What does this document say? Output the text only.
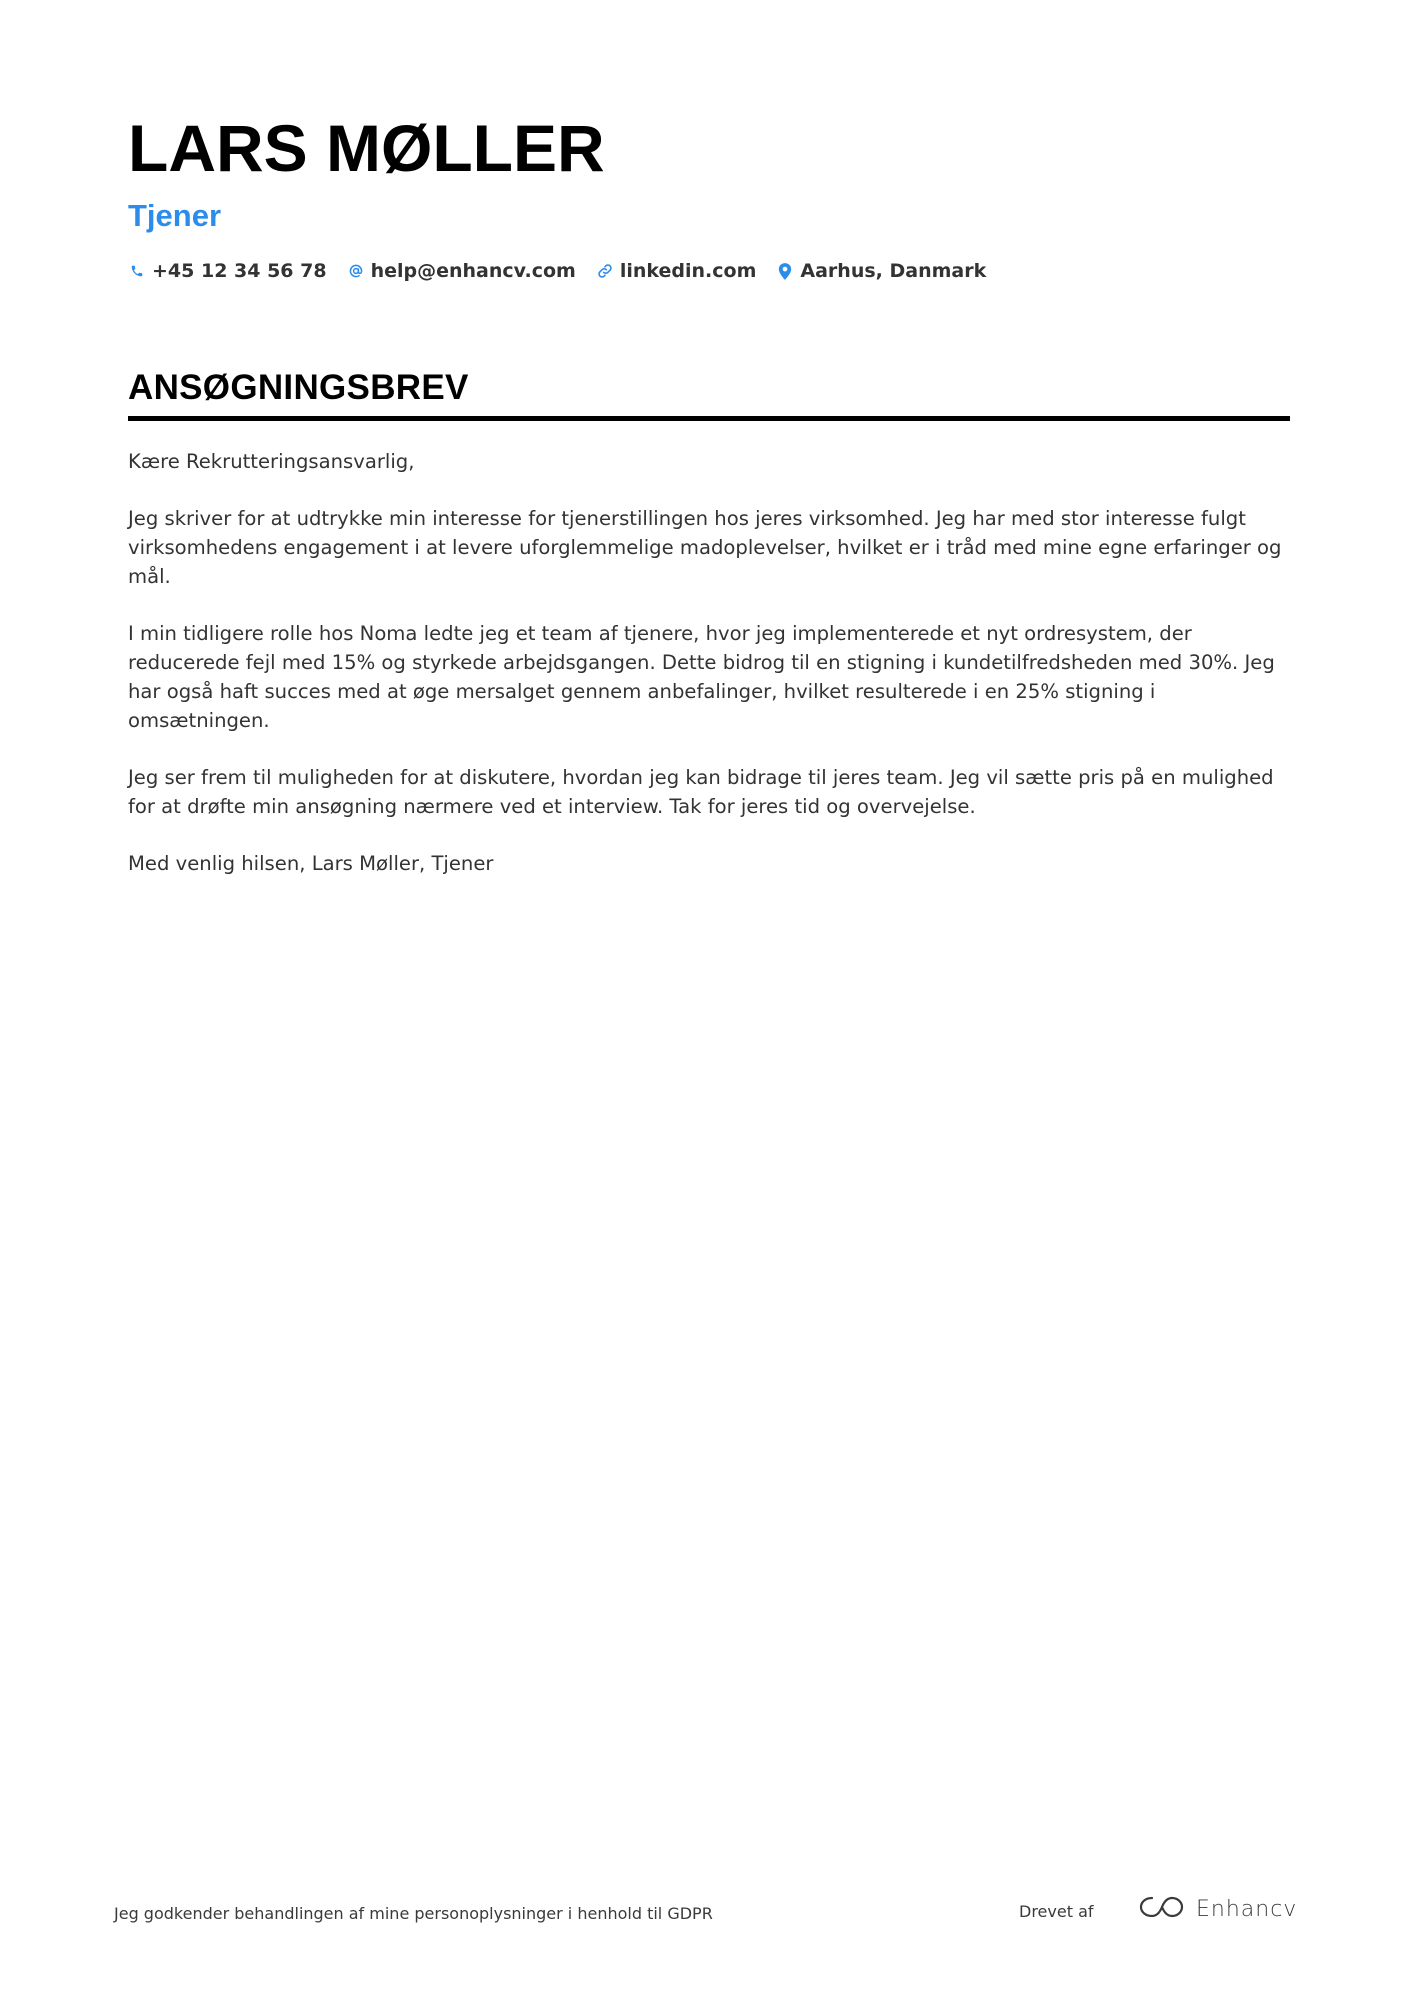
LARS MØLLER
Tjener
+45 12 34 56 78 help@enhancv.com linkedin.com Aarhus, Danmark
ANSØGNINGSBREV

Kære Rekrutteringsansvarlig,

Jeg skriver for at udtrykke min interesse for tjenerstillingen hos jeres virksomhed. Jeg har med stor interesse fulgt virksomhedens engagement i at levere uforglemmelige madoplevelser, hvilket er i tråd med mine egne erfaringer og mål.

I min tidligere rolle hos Noma ledte jeg et team af tjenere, hvor jeg implementerede et nyt ordresystem, der reducerede fejl med 15% og styrkede arbejdsgangen. Dette bidrog til en stigning i kundetilfredsheden med 30%. Jeg har også haft succes med at øge mersalget gennem anbefalinger, hvilket resulterede i en 25% stigning i omsætningen.

Jeg ser frem til muligheden for at diskutere, hvordan jeg kan bidrage til jeres team. Jeg vil sætte pris på en mulighed for at drøfte min ansøgning nærmere ved et interview. Tak for jeres tid og overvejelse.

Med venlig hilsen, Lars Møller, Tjener

Jeg godkender behandlingen af mine personoplysninger i henhold til GDPR	Drevet af	Enhancv
